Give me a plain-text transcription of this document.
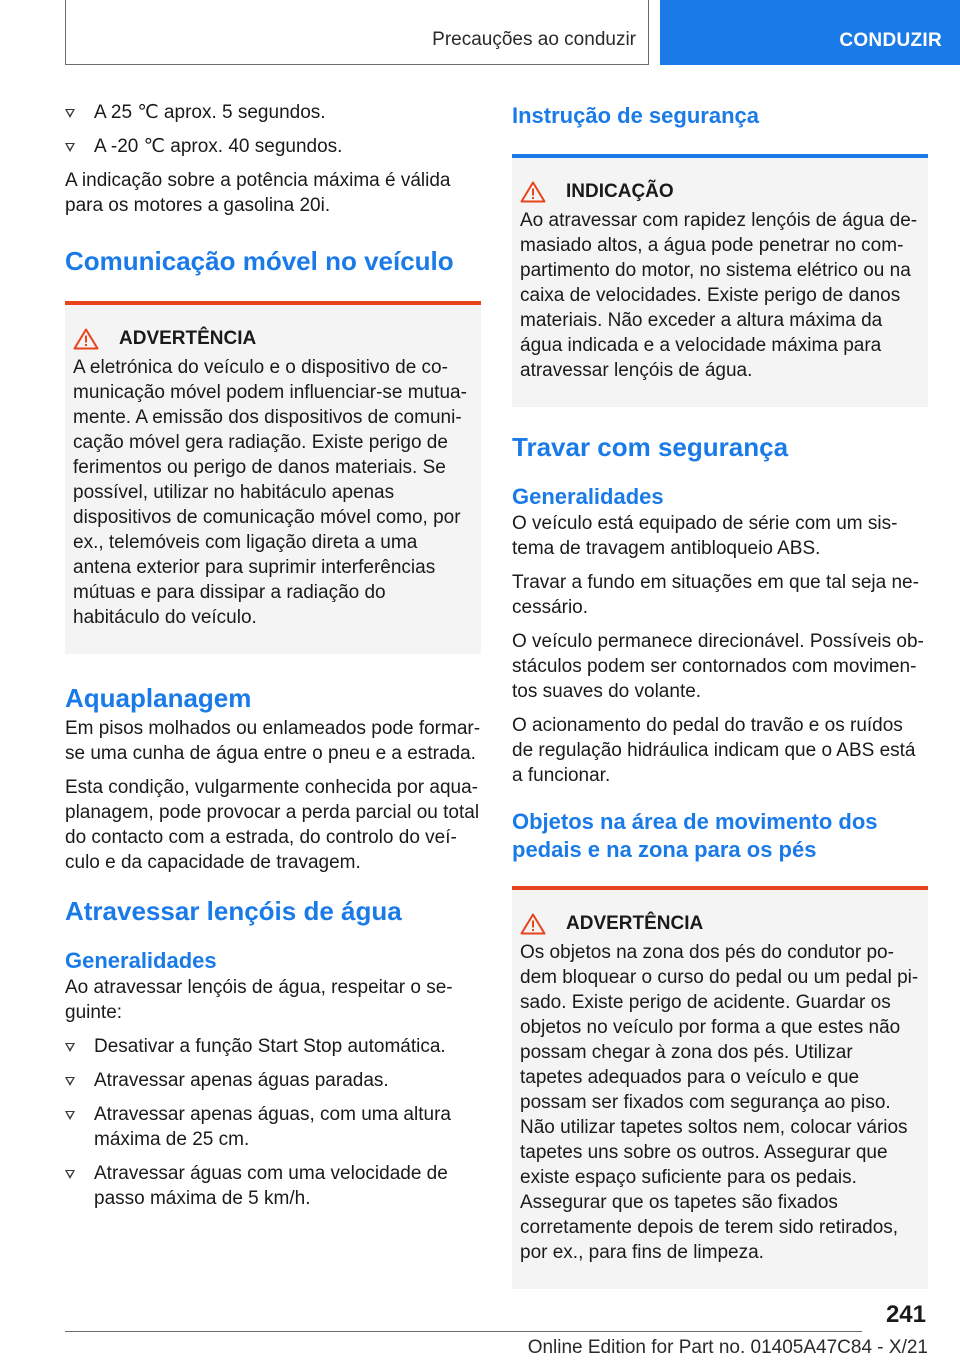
Precauções ao conduzir	CONDUZIR
A 25 ℃ aprox. 5 segundos.
A -20 ℃ aprox. 40 segundos.

A indicação sobre a potência máxima é válida para os motores a gasolina 20i.

Comunicação móvel no veículo
ADVERTÊNCIA

A eletrónica do veículo e o dispositivo de comunicação móvel podem influenciar-se mutuamente. A emissão dos dispositivos de comunicação móvel gera radiação. Existe perigo de ferimentos ou perigo de danos materiais. Se possível, utilizar no habitáculo apenas dispositivos de comunicação móvel como, por ex., telemóveis com ligação direta a uma antena exterior para suprimir interferências mútuas e para dissipar a radiação do habitáculo do veículo.

Aquaplanagem

Em pisos molhados ou enlameados pode formar-se uma cunha de água entre o pneu e a estrada.

Esta condição, vulgarmente conhecida por aquaplanagem, pode provocar a perda parcial ou total do contacto com a estrada, do controlo do veículo e da capacidade de travagem.

Atravessar lençóis de água
Generalidades

Ao atravessar lençóis de água, respeitar o seguinte:

Desativar a função Start Stop automática.
Atravessar apenas águas paradas.
Atravessar apenas águas, com uma altura máxima de 25 cm.
Atravessar águas com uma velocidade de passo máxima de 5 km/h.
Instrução de segurança
INDICAÇÃO

Ao atravessar com rapidez lençóis de água demasiado altos, a água pode penetrar no compartimento do motor, no sistema elétrico ou na caixa de velocidades. Existe perigo de danos materiais. Não exceder a altura máxima da água indicada e a velocidade máxima para atravessar lençóis de água.

Travar com segurança
Generalidades

O veículo está equipado de série com um sistema de travagem antibloqueio ABS.

Travar a fundo em situações em que tal seja necessário.

O veículo permanece direcionável. Possíveis obstáculos podem ser contornados com movimentos suaves do volante.

O acionamento do pedal do travão e os ruídos de regulação hidráulica indicam que o ABS está a funcionar.

Objetos na área de movimento dos pedais e na zona para os pés
ADVERTÊNCIA

Os objetos na zona dos pés do condutor podem bloquear o curso do pedal ou um pedal pisado. Existe perigo de acidente. Guardar os objetos no veículo por forma a que estes não possam chegar à zona dos pés. Utilizar tapetes adequados para o veículo e que possam ser fixados com segurança ao piso. Não utilizar tapetes soltos nem, colocar vários tapetes uns sobre os outros. Assegurar que existe espaço suficiente para os pedais. Assegurar que os tapetes são fixados corretamente depois de terem sido retirados, por ex., para fins de limpeza.

241
Online Edition for Part no. 01405A47C84 - X/21
